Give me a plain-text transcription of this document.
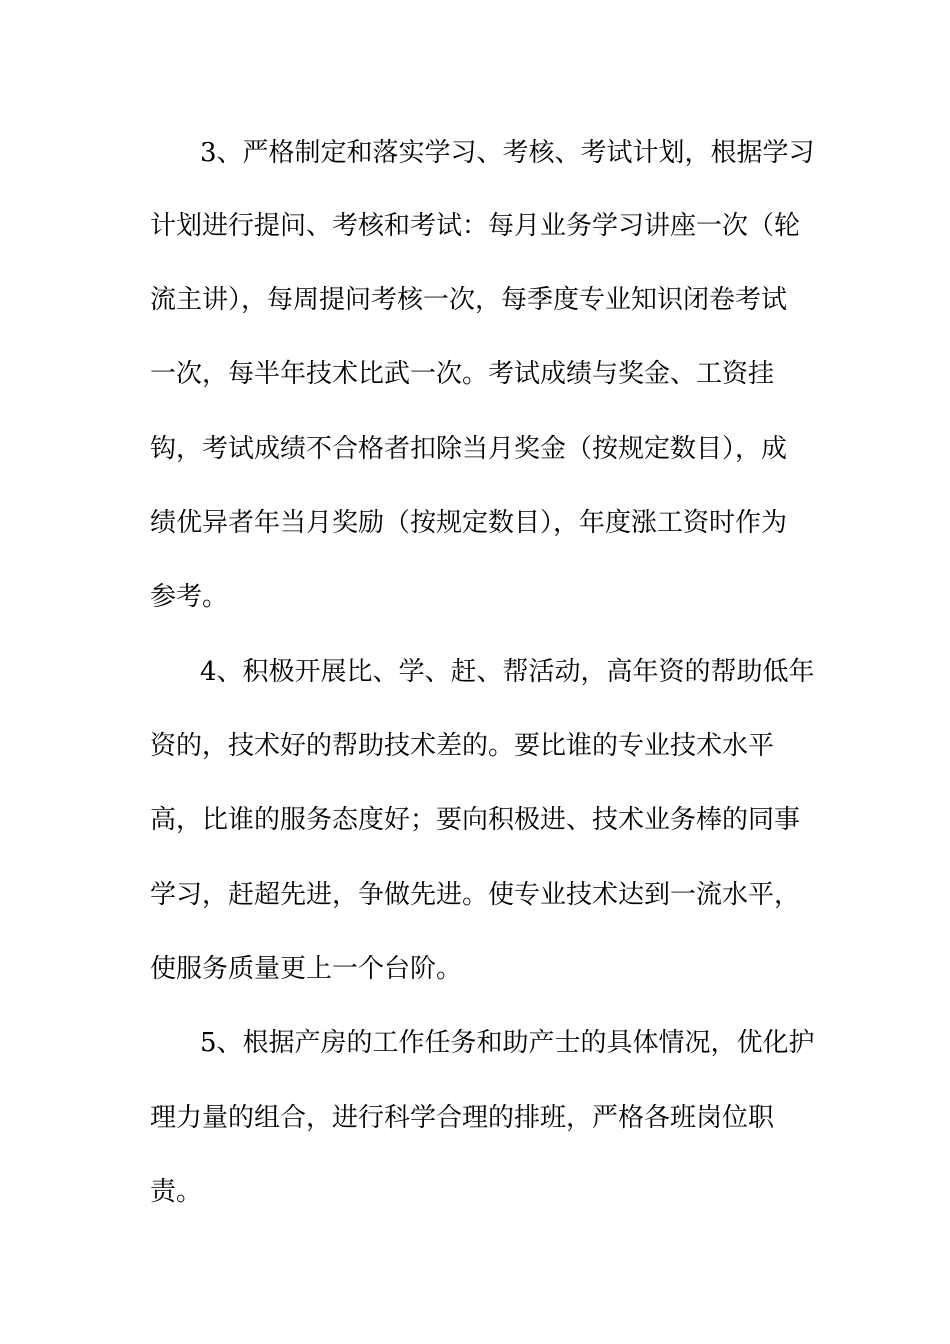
3、严格制定和落实学习、考核、考试计划，根据学习
计划进行提问、考核和考试：每月业务学习讲座一次（轮
流主讲），每周提问考核一次，每季度专业知识闭卷考试
一次，每半年技术比武一次。考试成绩与奖金、工资挂
钩，考试成绩不合格者扣除当月奖金（按规定数目），成
绩优异者年当月奖励（按规定数目），年度涨工资时作为
参考。
4、积极开展比、学、赶、帮活动，高年资的帮助低年
资的，技术好的帮助技术差的。要比谁的专业技术水平
高，比谁的服务态度好；要向积极进、技术业务棒的同事
学习，赶超先进，争做先进。使专业技术达到一流水平，
使服务质量更上一个台阶。
5、根据产房的工作任务和助产士的具体情况，优化护
理力量的组合，进行科学合理的排班，严格各班岗位职
责。
